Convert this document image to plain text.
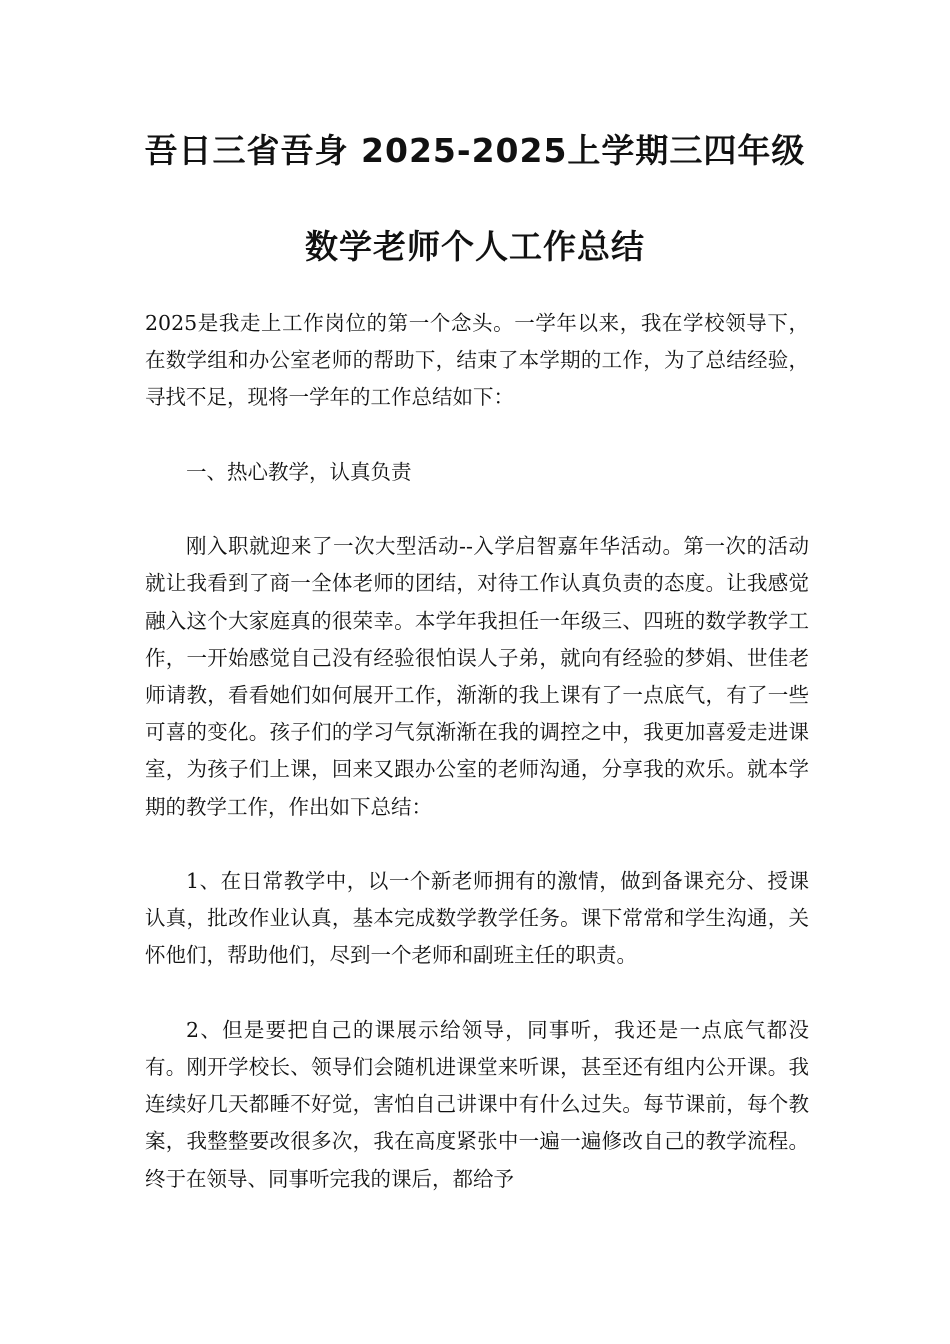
吾日三省吾身 2025-2025上学期三四年级
数学老师个人工作总结

2025是我走上工作岗位的第一个念头。一学年以来，我在学校领导下，在数学组和办公室老师的帮助下，结束了本学期的工作，为了总结经验，寻找不足，现将一学年的工作总结如下：

一、热心教学，认真负责

刚入职就迎来了一次大型活动--入学启智嘉年华活动。第一次的活动就让我看到了商一全体老师的团结，对待工作认真负责的态度。让我感觉融入这个大家庭真的很荣幸。本学年我担任一年级三、四班的数学教学工作，一开始感觉自己没有经验很怕误人子弟，就向有经验的梦娟、世佳老师请教，看看她们如何展开工作，渐渐的我上课有了一点底气，有了一些可喜的变化。孩子们的学习气氛渐渐在我的调控之中，我更加喜爱走进课室，为孩子们上课，回来又跟办公室的老师沟通，分享我的欢乐。就本学期的教学工作，作出如下总结：

1、在日常教学中，以一个新老师拥有的激情，做到备课充分、授课认真，批改作业认真，基本完成数学教学任务。课下常常和学生沟通，关怀他们，帮助他们，尽到一个老师和副班主任的职责。

2、但是要把自己的课展示给领导，同事听，我还是一点底气都没有。刚开学校长、领导们会随机进课堂来听课，甚至还有组内公开课。我连续好几天都睡不好觉，害怕自己讲课中有什么过失。每节课前，每个教案，我整整要改很多次，我在高度紧张中一遍一遍修改自己的教学流程。终于在领导、同事听完我的课后，都给予
